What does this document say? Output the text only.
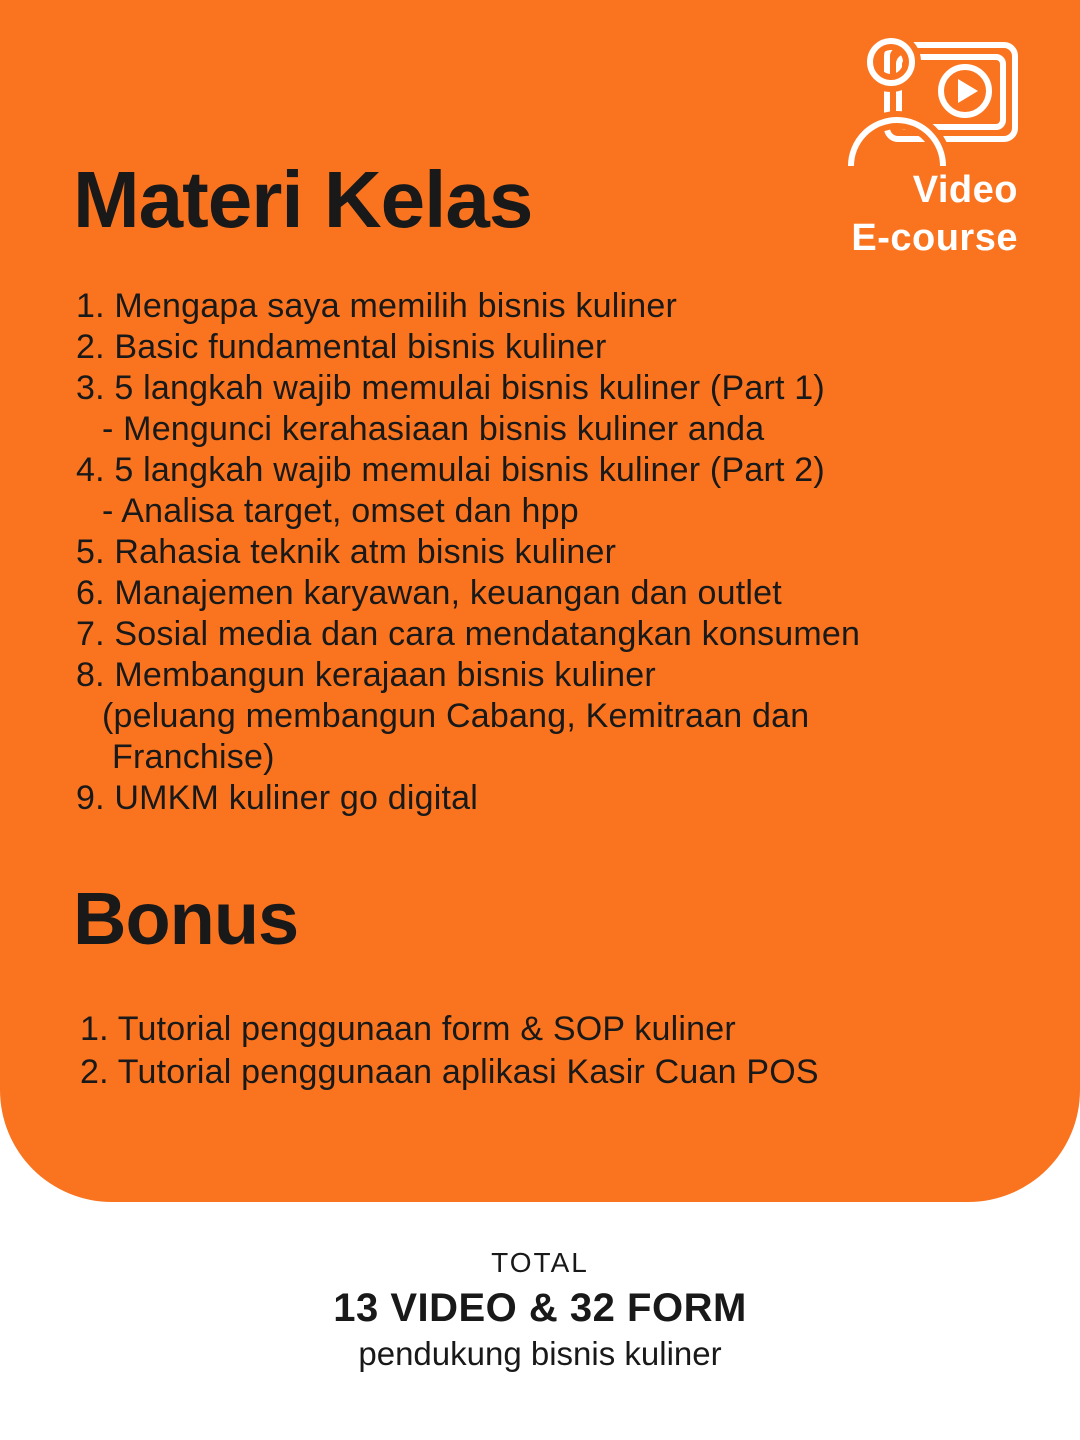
Video
E-course
Materi Kelas
1. Mengapa saya memilih bisnis kuliner
2. Basic fundamental bisnis kuliner
3. 5 langkah wajib memulai bisnis kuliner (Part 1)
- Mengunci kerahasiaan bisnis kuliner anda
4. 5 langkah wajib memulai bisnis kuliner (Part 2)
- Analisa target, omset dan hpp
5. Rahasia teknik atm bisnis kuliner
6. Manajemen karyawan, keuangan dan outlet
7. Sosial media dan cara mendatangkan konsumen
8. Membangun kerajaan bisnis kuliner
(peluang membangun Cabang, Kemitraan dan
Franchise)
9. UMKM kuliner go digital
Bonus
1. Tutorial penggunaan form & SOP kuliner
2. Tutorial penggunaan aplikasi Kasir Cuan POS
TOTAL
13 VIDEO & 32 FORM
pendukung bisnis kuliner
